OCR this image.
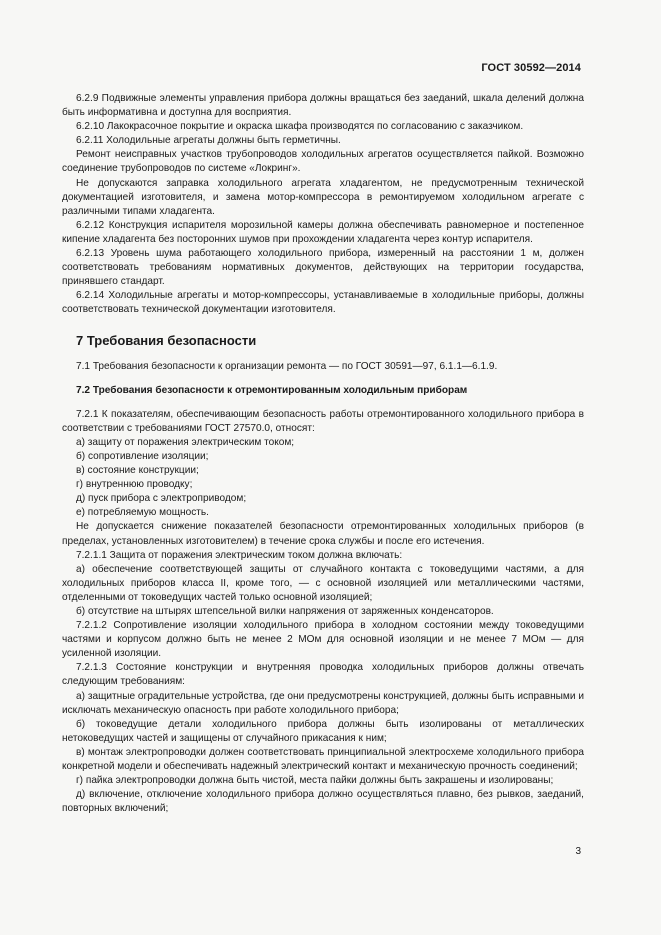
ГОСТ 30592—2014

6.2.9 Подвижные элементы управления прибора должны вращаться без заеданий, шкала делений должна быть информативна и доступна для восприятия.

6.2.10 Лакокрасочное покрытие и окраска шкафа производятся по согласованию с заказчиком.

6.2.11 Холодильные агрегаты должны быть герметичны.

Ремонт неисправных участков трубопроводов холодильных агрегатов осуществляется пайкой. Возможно соединение трубопроводов по системе «Локринг».

Не допускаются заправка холодильного агрегата хладагентом, не предусмотренным технической документацией изготовителя, и замена мотор-компрессора в ремонтируемом холодильном агрегате с различными типами хладагента.

6.2.12 Конструкция испарителя морозильной камеры должна обеспечивать равномерное и постепенное кипение хладагента без посторонних шумов при прохождении хладагента через контур испарителя.

6.2.13 Уровень шума работающего холодильного прибора, измеренный на расстоянии 1 м, должен соответствовать требованиям нормативных документов, действующих на территории государства, принявшего стандарт.

6.2.14 Холодильные агрегаты и мотор-компрессоры, устанавливаемые в холодильные приборы, должны соответствовать технической документации изготовителя.

7 Требования безопасности

7.1 Требования безопасности к организации ремонта — по ГОСТ 30591—97, 6.1.1—6.1.9.

7.2 Требования безопасности к отремонтированным холодильным приборам

7.2.1 К показателям, обеспечивающим безопасность работы отремонтированного холодильного прибора в соответствии с требованиями ГОСТ 27570.0, относят:

а) защиту от поражения электрическим током;

б) сопротивление изоляции;

в) состояние конструкции;

г) внутреннюю проводку;

д) пуск прибора с электроприводом;

е) потребляемую мощность.

Не допускается снижение показателей безопасности отремонтированных холодильных приборов (в пределах, установленных изготовителем) в течение срока службы и после его истечения.

7.2.1.1 Защита от поражения электрическим током должна включать:

а) обеспечение соответствующей защиты от случайного контакта с токоведущими частями, а для холодильных приборов класса II, кроме того, — с основной изоляцией или металлическими частями, отделенными от токоведущих частей только основной изоляцией;

б) отсутствие на штырях штепсельной вилки напряжения от заряженных конденсаторов.

7.2.1.2 Сопротивление изоляции холодильного прибора в холодном состоянии между токоведущими частями и корпусом должно быть не менее 2 МОм для основной изоляции и не менее 7 МОм — для усиленной изоляции.

7.2.1.3 Состояние конструкции и внутренняя проводка холодильных приборов должны отвечать следующим требованиям:

а) защитные оградительные устройства, где они предусмотрены конструкцией, должны быть исправными и исключать механическую опасность при работе холодильного прибора;

б) токоведущие детали холодильного прибора должны быть изолированы от металлических нетоковедущих частей и защищены от случайного прикасания к ним;

в) монтаж электропроводки должен соответствовать принципиальной электросхеме холодильного прибора конкретной модели и обеспечивать надежный электрический контакт и механическую прочность соединений;

г) пайка электропроводки должна быть чистой, места пайки должны быть закрашены и изолированы;

д) включение, отключение холодильного прибора должно осуществляться плавно, без рывков, заеданий, повторных включений;

3
